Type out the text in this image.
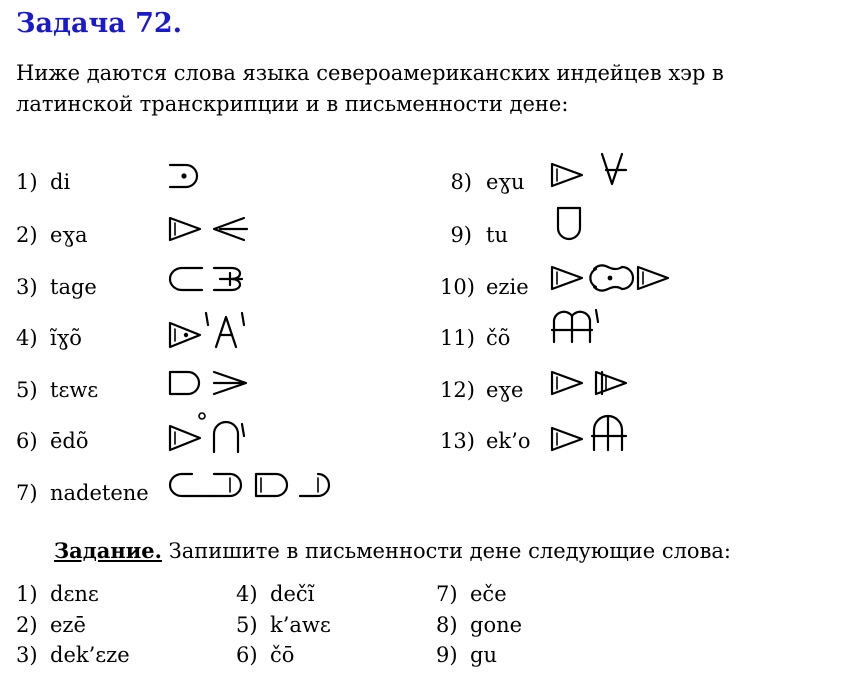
Задача 72.
Ниже даются слова языка североамериканских индейцев хэр в латинской транскрипции и в письменности дене:
1) di
2) eɣa
3) tage
4) ĩɣõ
5) tɛwɛ
6) ēdõ
7) nadetene
8) eɣu
9) tu
10) ezie
11) čõ
12) eɣe
13) ek’o
Задание. Запишите в письменности дене следующие слова:
1) dɛnɛ
2) ezē
3) dek’ɛze
4) dečĩ
5) k’awɛ
6) čō
7) eče
8) gone
9) gu
